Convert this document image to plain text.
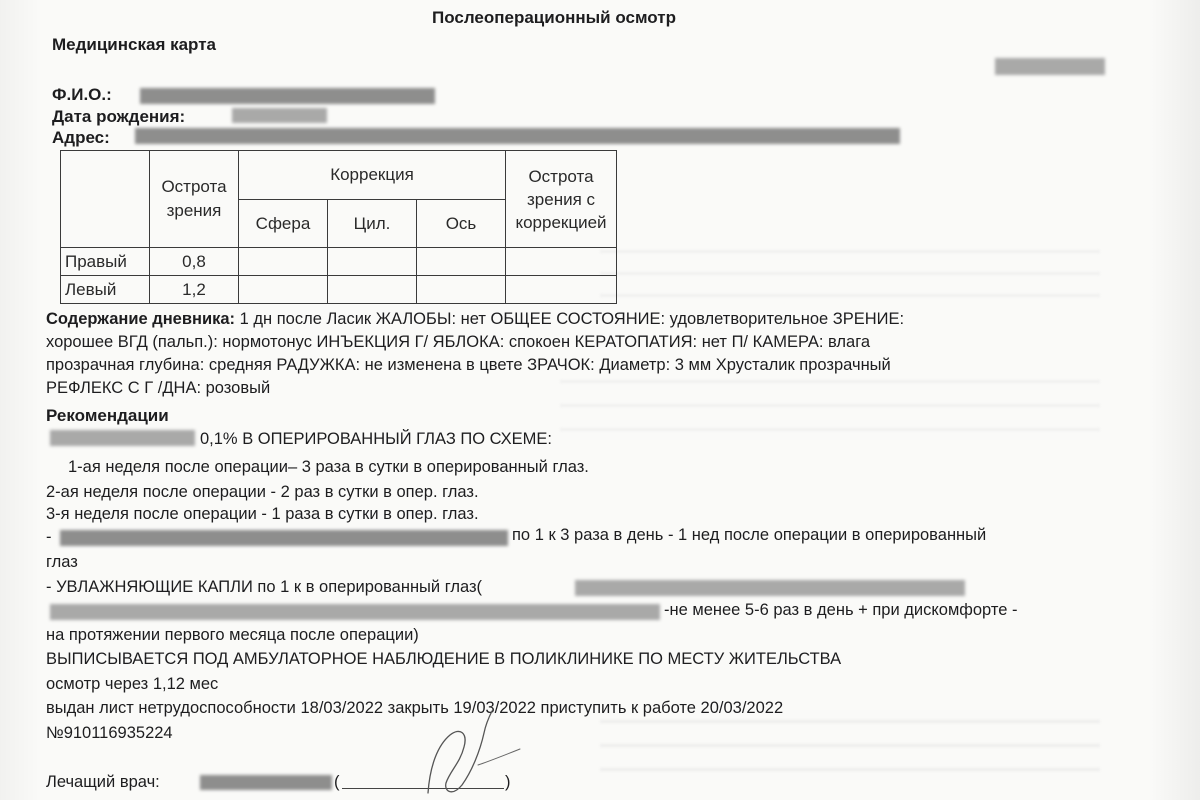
Послеоперационный осмотр
Медицинская карта
Ф.И.О.:
Дата рождения:
Адрес:
	Острота зрения	Коррекция			Острота зрения с коррекцией
		Сфера	Цил.	Ось	
Правый	0,8				
Левый	1,2				
Содержание дневника: 1 дн после Ласик ЖАЛОБЫ: нет ОБЩЕЕ СОСТОЯНИЕ: удовлетворительное ЗРЕНИЕ:
хорошее ВГД (пальп.): нормотонус ИНЪЕКЦИЯ Г/ ЯБЛОКА: спокоен КЕРАТОПАТИЯ: нет П/ КАМЕРА: влага
прозрачная глубина: средняя РАДУЖКА: не изменена в цвете ЗРАЧОК: Диаметр: 3 мм Хрусталик прозрачный
РЕФЛЕКС С Г /ДНА: розовый
Рекомендации
0,1% В ОПЕРИРОВАННЫЙ ГЛАЗ ПО СХЕМЕ:
1-ая неделя после операции– 3 раза в сутки в оперированный глаз.
2-ая неделя после операции - 2 раз в сутки в опер. глаз.
3-я неделя после операции - 1 раза в сутки в опер. глаз.
-	по 1 к 3 раза в день - 1 нед после операции в оперированный
глаз
- УВЛАЖНЯЮЩИЕ КАПЛИ по 1 к в оперированный глаз(
-не менее 5-6 раз в день + при дискомфорте -
на протяжении первого месяца после операции)
ВЫПИСЫВАЕТСЯ ПОД АМБУЛАТОРНОЕ НАБЛЮДЕНИЕ В ПОЛИКЛИНИКЕ ПО МЕСТУ ЖИТЕЛЬСТВА
осмотр через 1,12 мес
выдан лист нетрудоспособности 18/03/2022 закрыть 19/03/2022 приступить к работе 20/03/2022
№910116935224
Лечащий врач:	(	)
